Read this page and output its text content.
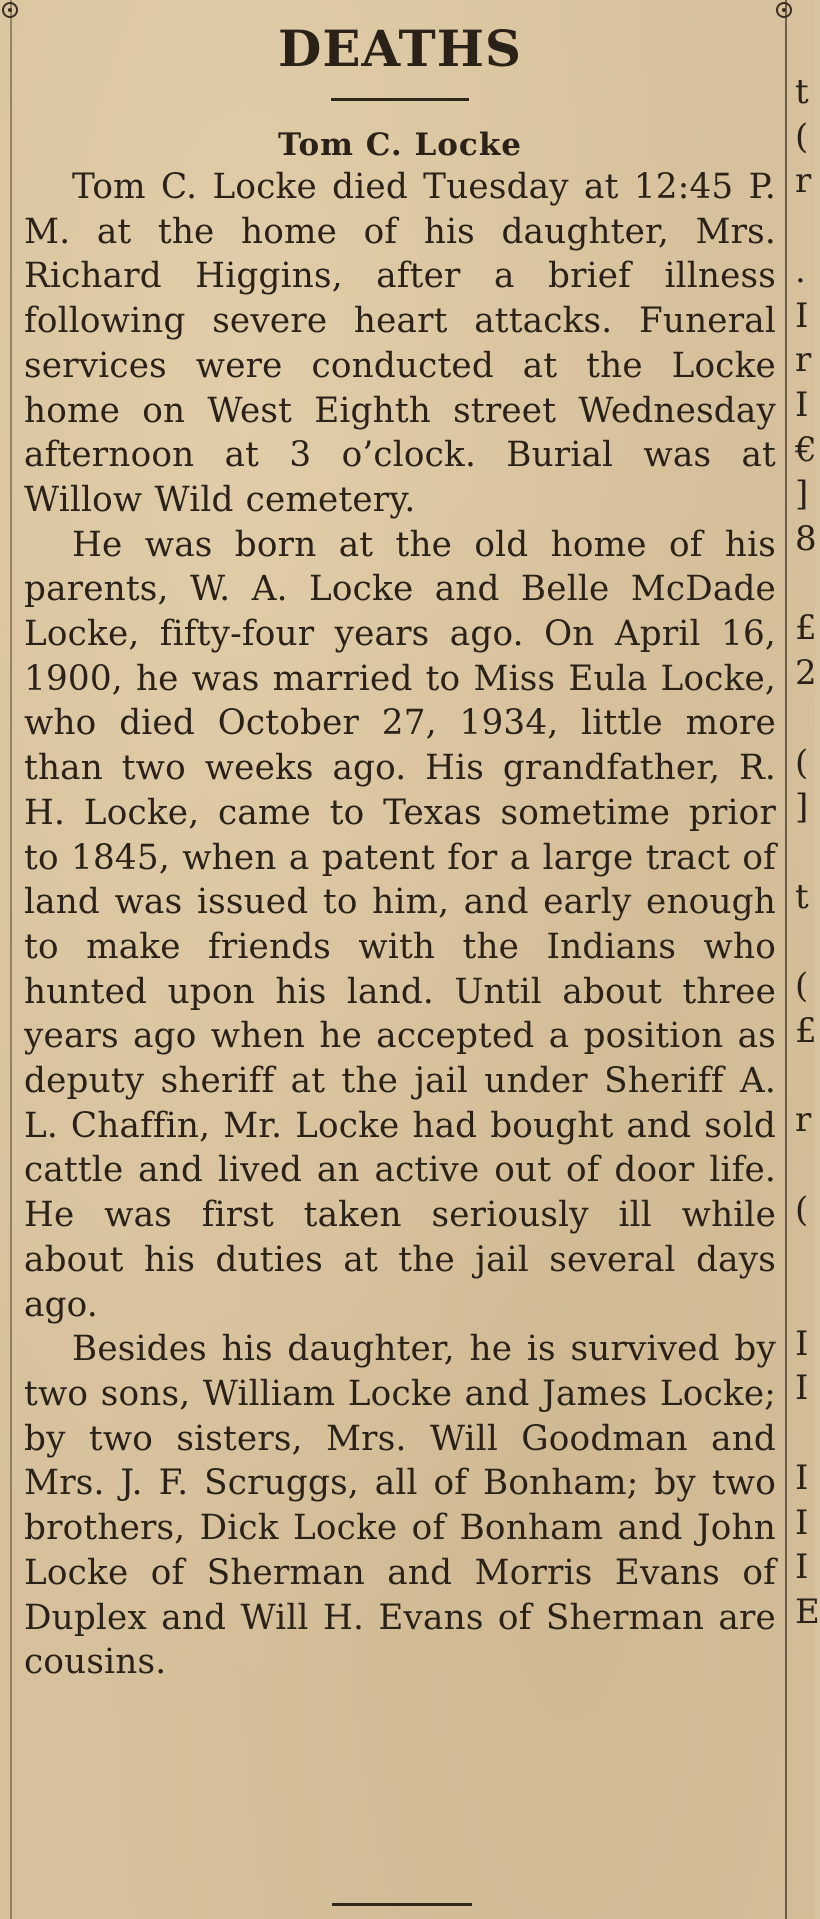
DEATHS
Tom C. Locke

Tom C. Locke died Tuesday at 12:45 P. M. at the home of his daughter, Mrs. Richard Higgins, after a brief illness following severe heart attacks. Funeral services were conducted at the Locke home on West Eighth street Wednesday afternoon at 3 o’clock. Burial was at Willow Wild cemetery.

He was born at the old home of his parents, W. A. Locke and Belle McDade Locke, fifty-four years ago. On April 16, 1900, he was married to Miss Eula Locke, who died October 27, 1934, little more than two weeks ago. His grandfather, R. H. Locke, came to Texas sometime prior to 1845, when a patent for a large tract of land was issued to him, and early enough to make friends with the Indians who hunted upon his land. Until about three years ago when he accepted a position as deputy sheriff at the jail under Sheriff A. L. Chaffin, Mr. Locke had bought and sold cattle and lived an active out of door life. He was first taken seriously ill while about his duties at the jail several days ago.

Besides his daughter, he is survived by two sons, William Locke and James Locke; by two sisters, Mrs. Will Goodman and Mrs. J. F. Scruggs, all of Bonham; by two brothers, Dick Locke of Bonham and John Locke of Sherman and Morris Evans of Duplex and Will H. Evans of Sherman are cousins.

t
(
r

.
I
r
I
€
]
8

£
2

(
]

t

(
£

r

(

I
I

I
I
I
E
